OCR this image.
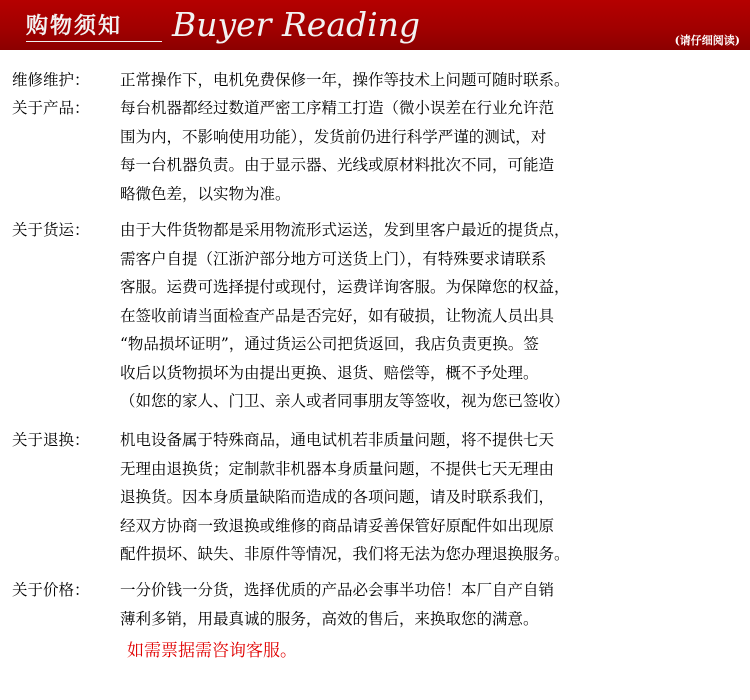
购物须知 Buyer Reading	(请仔细阅读)
维修维护：	正常操作下，电机免费保修一年，操作等技术上问题可随时联系。
关于产品：	每台机器都经过数道严密工序精工打造（微小误差在行业允许范
围为内，不影响使用功能），发货前仍进行科学严谨的测试，对
每一台机器负责。由于显示器、光线或原材料批次不同，可能造
略微色差，以实物为准。
关于货运：	由于大件货物都是采用物流形式运送，发到里客户最近的提货点，
需客户自提（江浙沪部分地方可送货上门），有特殊要求请联系
客服。运费可选择提付或现付，运费详询客服。为保障您的权益，
在签收前请当面检查产品是否完好，如有破损，让物流人员出具
“物品损坏证明”，通过货运公司把货返回，我店负责更换。签
收后以货物损坏为由提出更换、退货、赔偿等，概不予处理。
（如您的家人、门卫、亲人或者同事朋友等签收，视为您已签收）
关于退换：	机电设备属于特殊商品，通电试机若非质量问题，将不提供七天
无理由退换货；定制款非机器本身质量问题，不提供七天无理由
退换货。因本身质量缺陷而造成的各项问题，请及时联系我们，
经双方协商一致退换或维修的商品请妥善保管好原配件如出现原
配件损坏、缺失、非原件等情况，我们将无法为您办理退换服务。
关于价格：	一分价钱一分货，选择优质的产品必会事半功倍！本厂自产自销
薄利多销，用最真诚的服务，高效的售后，来换取您的满意。
如需票据需咨询客服。
